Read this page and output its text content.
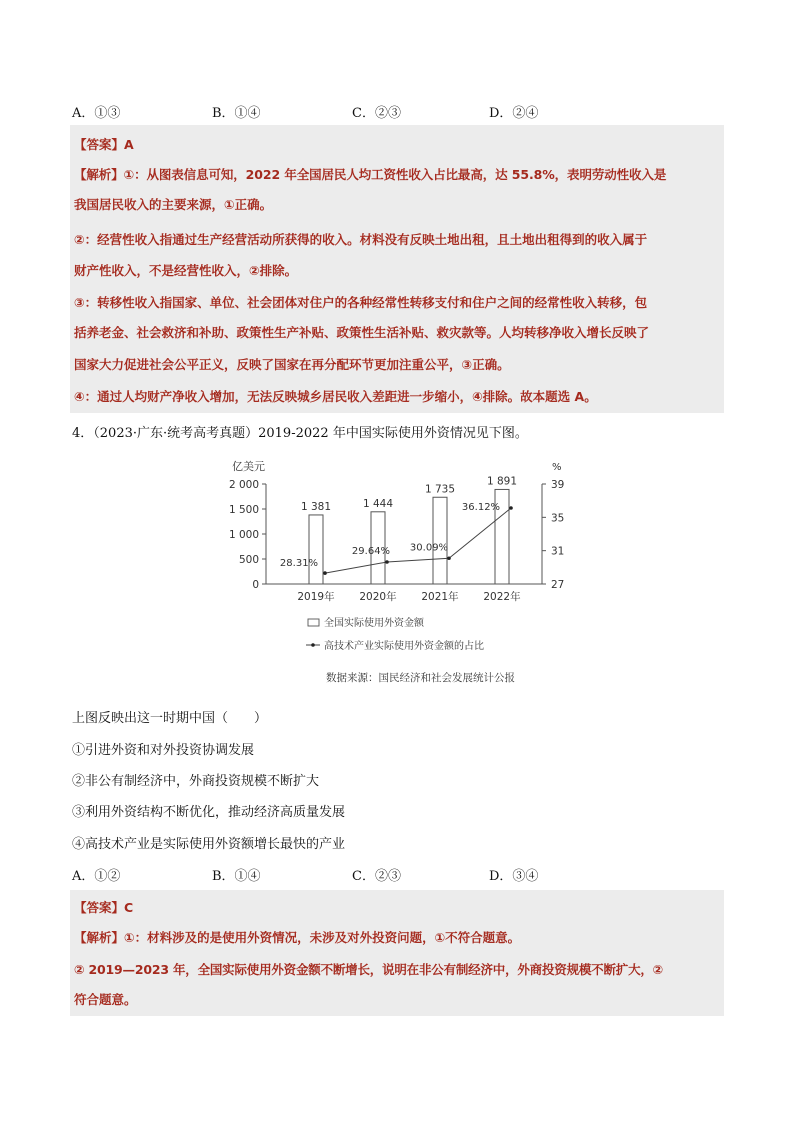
A．①③	B．①④	C．②③	D．②④
【答案】A
【解析】①：从图表信息可知，2022 年全国居民人均工资性收入占比最高，达 55.8%，表明劳动性收入是
我国居民收入的主要来源，①正确。
②：经营性收入指通过生产经营活动所获得的收入。材料没有反映土地出租，且土地出租得到的收入属于
财产性收入，不是经营性收入，②排除。
③：转移性收入指国家、单位、社会团体对住户的各种经常性转移支付和住户之间的经常性收入转移，包
括养老金、社会救济和补助、政策性生产补贴、政策性生活补贴、救灾款等。人均转移净收入增长反映了
国家大力促进社会公平正义，反映了国家在再分配环节更加注重公平，③正确。
④：通过人均财产净收入增加，无法反映城乡居民收入差距进一步缩小，④排除。故本题选 A。
4．（2023·广东·统考高考真题）2019-2022 年中国实际使用外资情况见下图。
亿美元	%
0
500
1 000
1 500
2 000
27
31
35
39
1 381	1 444
1 735
1 891
28.31%
29.64% 30.09%
36.12%
2019年 2020年 2021年 2022年
全国实际使用外资金额
高技术产业实际使用外资金额的占比
数据来源：国民经济和社会发展统计公报
上图反映出这一时期中国（　　）
①引进外资和对外投资协调发展
②非公有制经济中，外商投资规模不断扩大
③利用外资结构不断优化，推动经济高质量发展
④高技术产业是实际使用外资额增长最快的产业
A．①②	B．①④	C．②③	D．③④
【答案】C
【解析】①：材料涉及的是使用外资情况，未涉及对外投资问题，①不符合题意。
② 2019—2023 年，全国实际使用外资金额不断增长，说明在非公有制经济中，外商投资规模不断扩大，②
符合题意。
